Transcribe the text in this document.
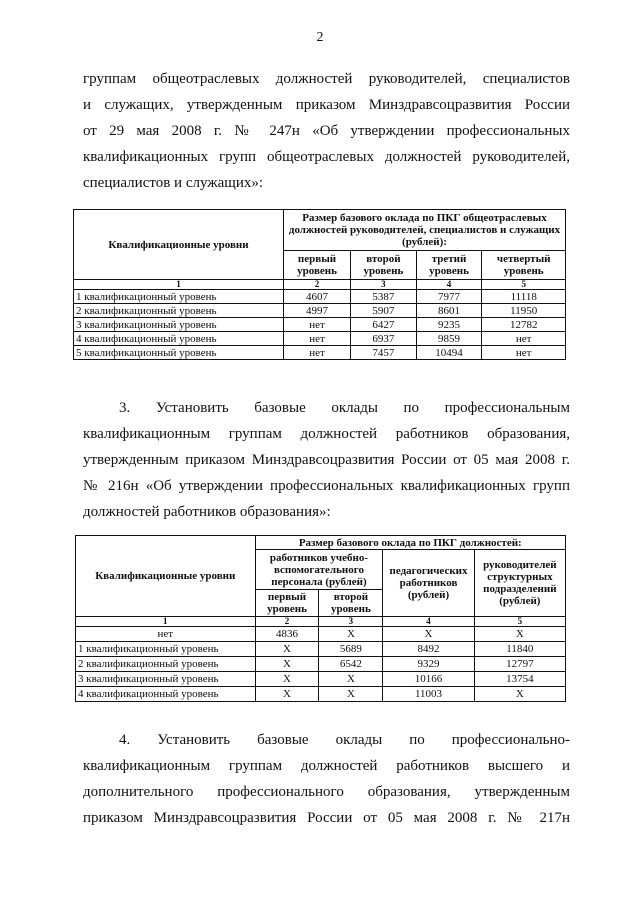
2
группам общеотраслевых должностей руководителей, специалистов
и служащих, утвержденным приказом Минздравсоцразвития России
от 29 мая 2008 г. № 247н «Об утверждении профессиональных
квалификационных групп общеотраслевых должностей руководителей,
специалистов и служащих»:
Квалификационные уровни	Размер базового оклада по ПКГ общеотраслевых должностей руководителей, специалистов и служащих (рублей):			
	первый уровень	второй уровень	третий уровень	четвертый уровень
1	2	3	4	5
1 квалификационный уровень	4607	5387	7977	11118
2 квалификационный уровень	4997	5907	8601	11950
3 квалификационный уровень	нет	6427	9235	12782
4 квалификационный уровень	нет	6937	9859	нет
5 квалификационный уровень	нет	7457	10494	нет
3. Установить базовые оклады по профессиональным
квалификационным группам должностей работников образования,
утвержденным приказом Минздравсоцразвития России от 05 мая 2008 г.
№ 216н «Об утверждении профессиональных квалификационных групп
должностей работников образования»:
Квалификационные уровни	Размер базового оклада по ПКГ должностей:			
	работников учебно-вспомогательного персонала (рублей)		педагогических работников (рублей)	руководителей структурных подразделений (рублей)
	первый уровень	второй уровень		
1	2	3	4	5
нет	4836	X	X	X
1 квалификационный уровень	X	5689	8492	11840
2 квалификационный уровень	X	6542	9329	12797
3 квалификационный уровень	X	X	10166	13754
4 квалификационный уровень	X	X	11003	X
4. Установить базовые оклады по профессионально-
квалификационным группам должностей работников высшего и
дополнительного профессионального образования, утвержденным
приказом Минздравсоцразвития России от 05 мая 2008 г. № 217н
